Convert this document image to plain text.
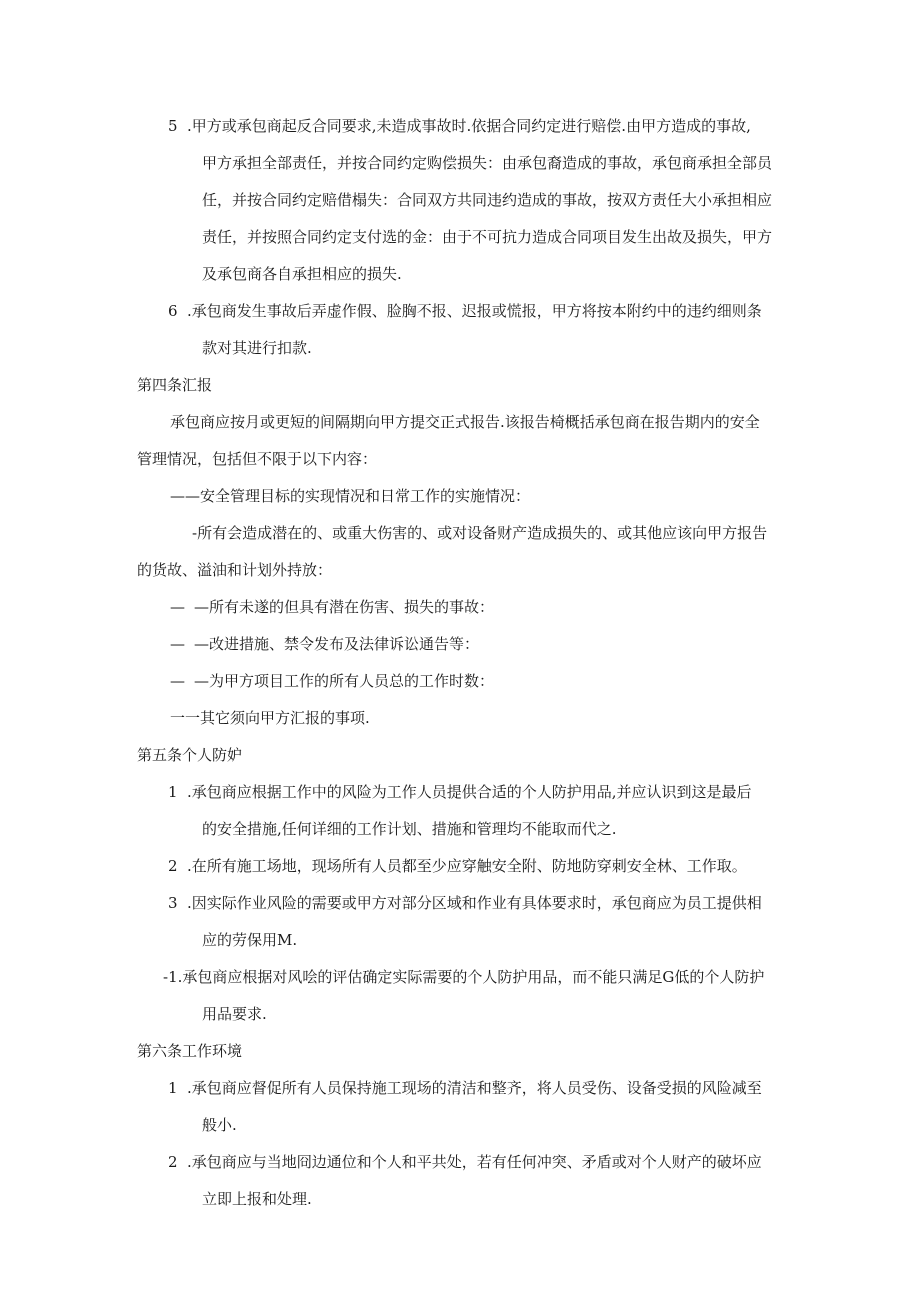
5 .甲方或承包商起反合同要求,未造成事故时.依据合同约定进行赔偿.由甲方造成的事故,
甲方承担全部责任，并按合同约定购偿损失：由承包裔造成的事故，承包商承担全部员
任，并按合同约定赔借榻失：合同双方共同违约造成的事故，按双方责任大小承担相应
责任，并按照合同约定支付选的金：由于不可抗力造成合同项目发生出故及损失，甲方
及承包商各自承担相应的损失.
6 .承包商发生事故后弄虚作假、脸胸不报、迟报或慌报，甲方将按本附约中的违约细则条
款对其进行扣款.
第四条汇报
承包商应按月或更短的间隔期向甲方提交正式报告.该报告椅概括承包商在报告期内的安全
管理情况，包括但不限于以下内容：
——安全管理目标的实现情况和日常工作的实施情况：
-所有会造成潜在的、或重大伤害的、或对设备财产造成损失的、或其他应该向甲方报告
的货故、溢油和计划外持放：
— —所有未遂的但具有潜在伤害、损失的事故：
— —改进措施、禁令发布及法律诉讼通告等：
— —为甲方项目工作的所有人员总的工作时数：
一一其它须向甲方汇报的事项.
第五条个人防妒
1 .承包商应根据工作中的风险为工作人员提供合适的个人防护用品,并应认识到这是最后
的安全措施,任何详细的工作计划、措施和管理均不能取而代之.
2 .在所有施工场地，现场所有人员都至少应穿触安全附、防地防穿刺安全林、工作取。
3 .因实际作业风险的需要或甲方对部分区域和作业有具体要求时，承包商应为员工提供相
应的劳保用M.
-1.承包商应根据对风哙的评估确定实际需要的个人防护用品，而不能只满足G低的个人防护
用品要求.
第六条工作环境
1 .承包商应督促所有人员保持施工现场的清洁和整齐，将人员受伤、设备受损的风险减至
般小.
2 .承包商应与当地冏边通位和个人和平共处，若有任何冲突、矛盾或对个人财产的破坏应
立即上报和处理.
